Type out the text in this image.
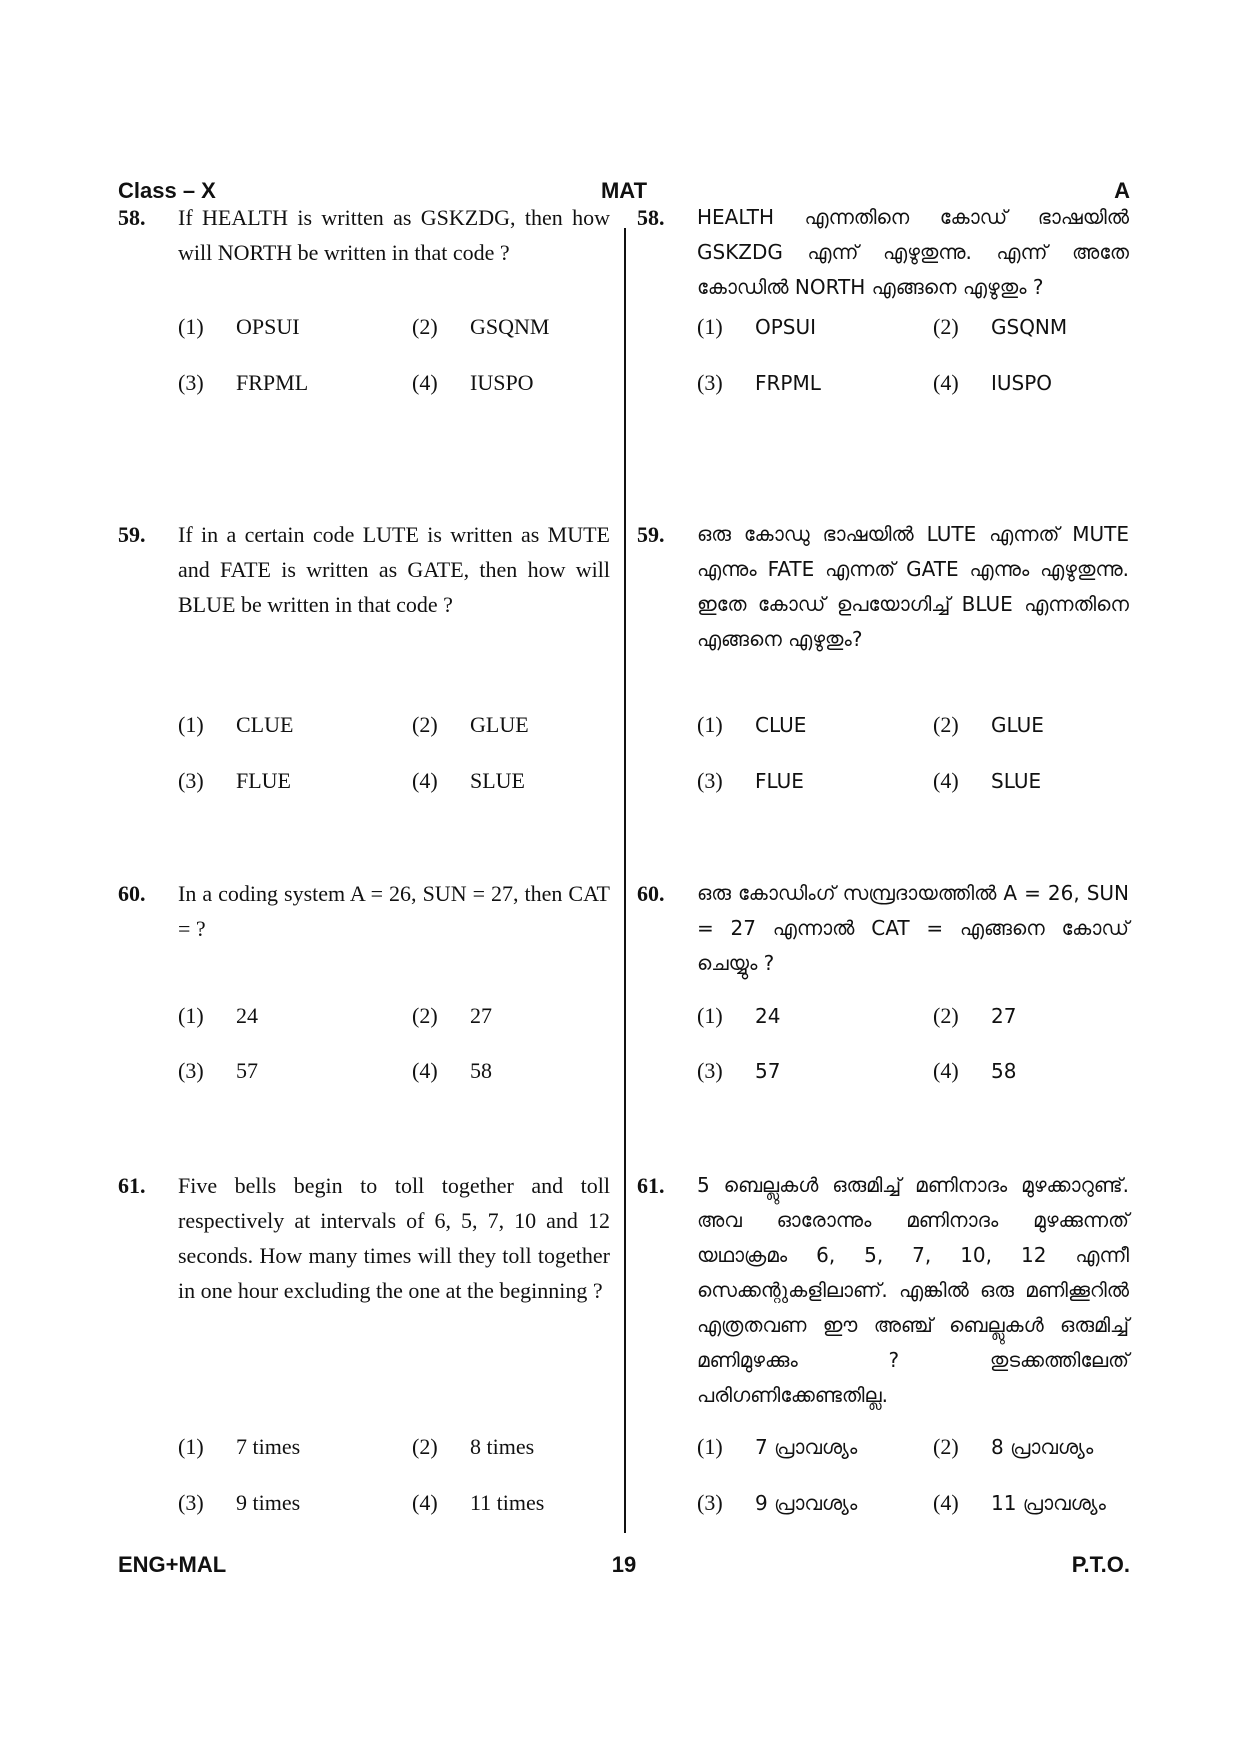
Class – X	MAT	A
58. If HEALTH is written as GSKZDG, then how will NORTH be written in that code ?
(1) OPSUI	(2) GSQNM
(3) FRPML	(4) IUSPO
59. If in a certain code LUTE is written as MUTE and FATE is written as GATE, then how will BLUE be written in that code ?
(1) CLUE	(2) GLUE
(3) FLUE	(4) SLUE
60. In a coding system A = 26, SUN = 27, then CAT = ?
(1) 24	(2) 27
(3) 57	(4) 58
61. Five bells begin to toll together and toll respectively at intervals of 6, 5, 7, 10 and 12 seconds. How many times will they toll together in one hour excluding the one at the beginning ?
(1) 7 times	(2) 8 times
(3) 9 times	(4) 11 times
58. HEALTH എന്നതിനെ കോഡ് ഭാഷയിൽ GSKZDG എന്ന് എഴുതുന്നു. എന്ന് അതേ കോഡിൽ NORTH എങ്ങനെ എഴുതും ?
(1) OPSUI	(2) GSQNM
(3) FRPML	(4) IUSPO
59. ഒരു കോഡു ഭാഷയിൽ LUTE എന്നത് MUTE എന്നും FATE എന്നത് GATE എന്നും എഴുതുന്നു. ഇതേ കോഡ് ഉപയോഗിച്ച് BLUE എന്നതിനെ എങ്ങനെ എഴുതും?
(1) CLUE	(2) GLUE
(3) FLUE	(4) SLUE
60. ഒരു കോഡിംഗ് സമ്പ്രദായത്തിൽ A = 26, SUN = 27 എന്നാൽ CAT = എങ്ങനെ കോഡ് ചെയ്യും ?
(1) 24	(2) 27
(3) 57	(4) 58
61. 5 ബെല്ലുകൾ ഒരുമിച്ച് മണിനാദം മുഴക്കാറുണ്ട്. അവ ഓരോന്നും മണിനാദം മുഴക്കുന്നത് യഥാക്രമം 6, 5, 7, 10, 12 എന്നീ സെക്കന്റുകളിലാണ്. എങ്കിൽ ഒരു മണിക്കൂറിൽ എത്രതവണ ഈ അഞ്ച് ബെല്ലുകൾ ഒരുമിച്ച് മണിമുഴക്കും ? തുടക്കത്തിലേത് പരിഗണിക്കേണ്ടതില്ല.
(1) 7 പ്രാവശ്യം	(2) 8 പ്രാവശ്യം
(3) 9 പ്രാവശ്യം	(4) 11 പ്രാവശ്യം
ENG+MAL	19	P.T.O.
